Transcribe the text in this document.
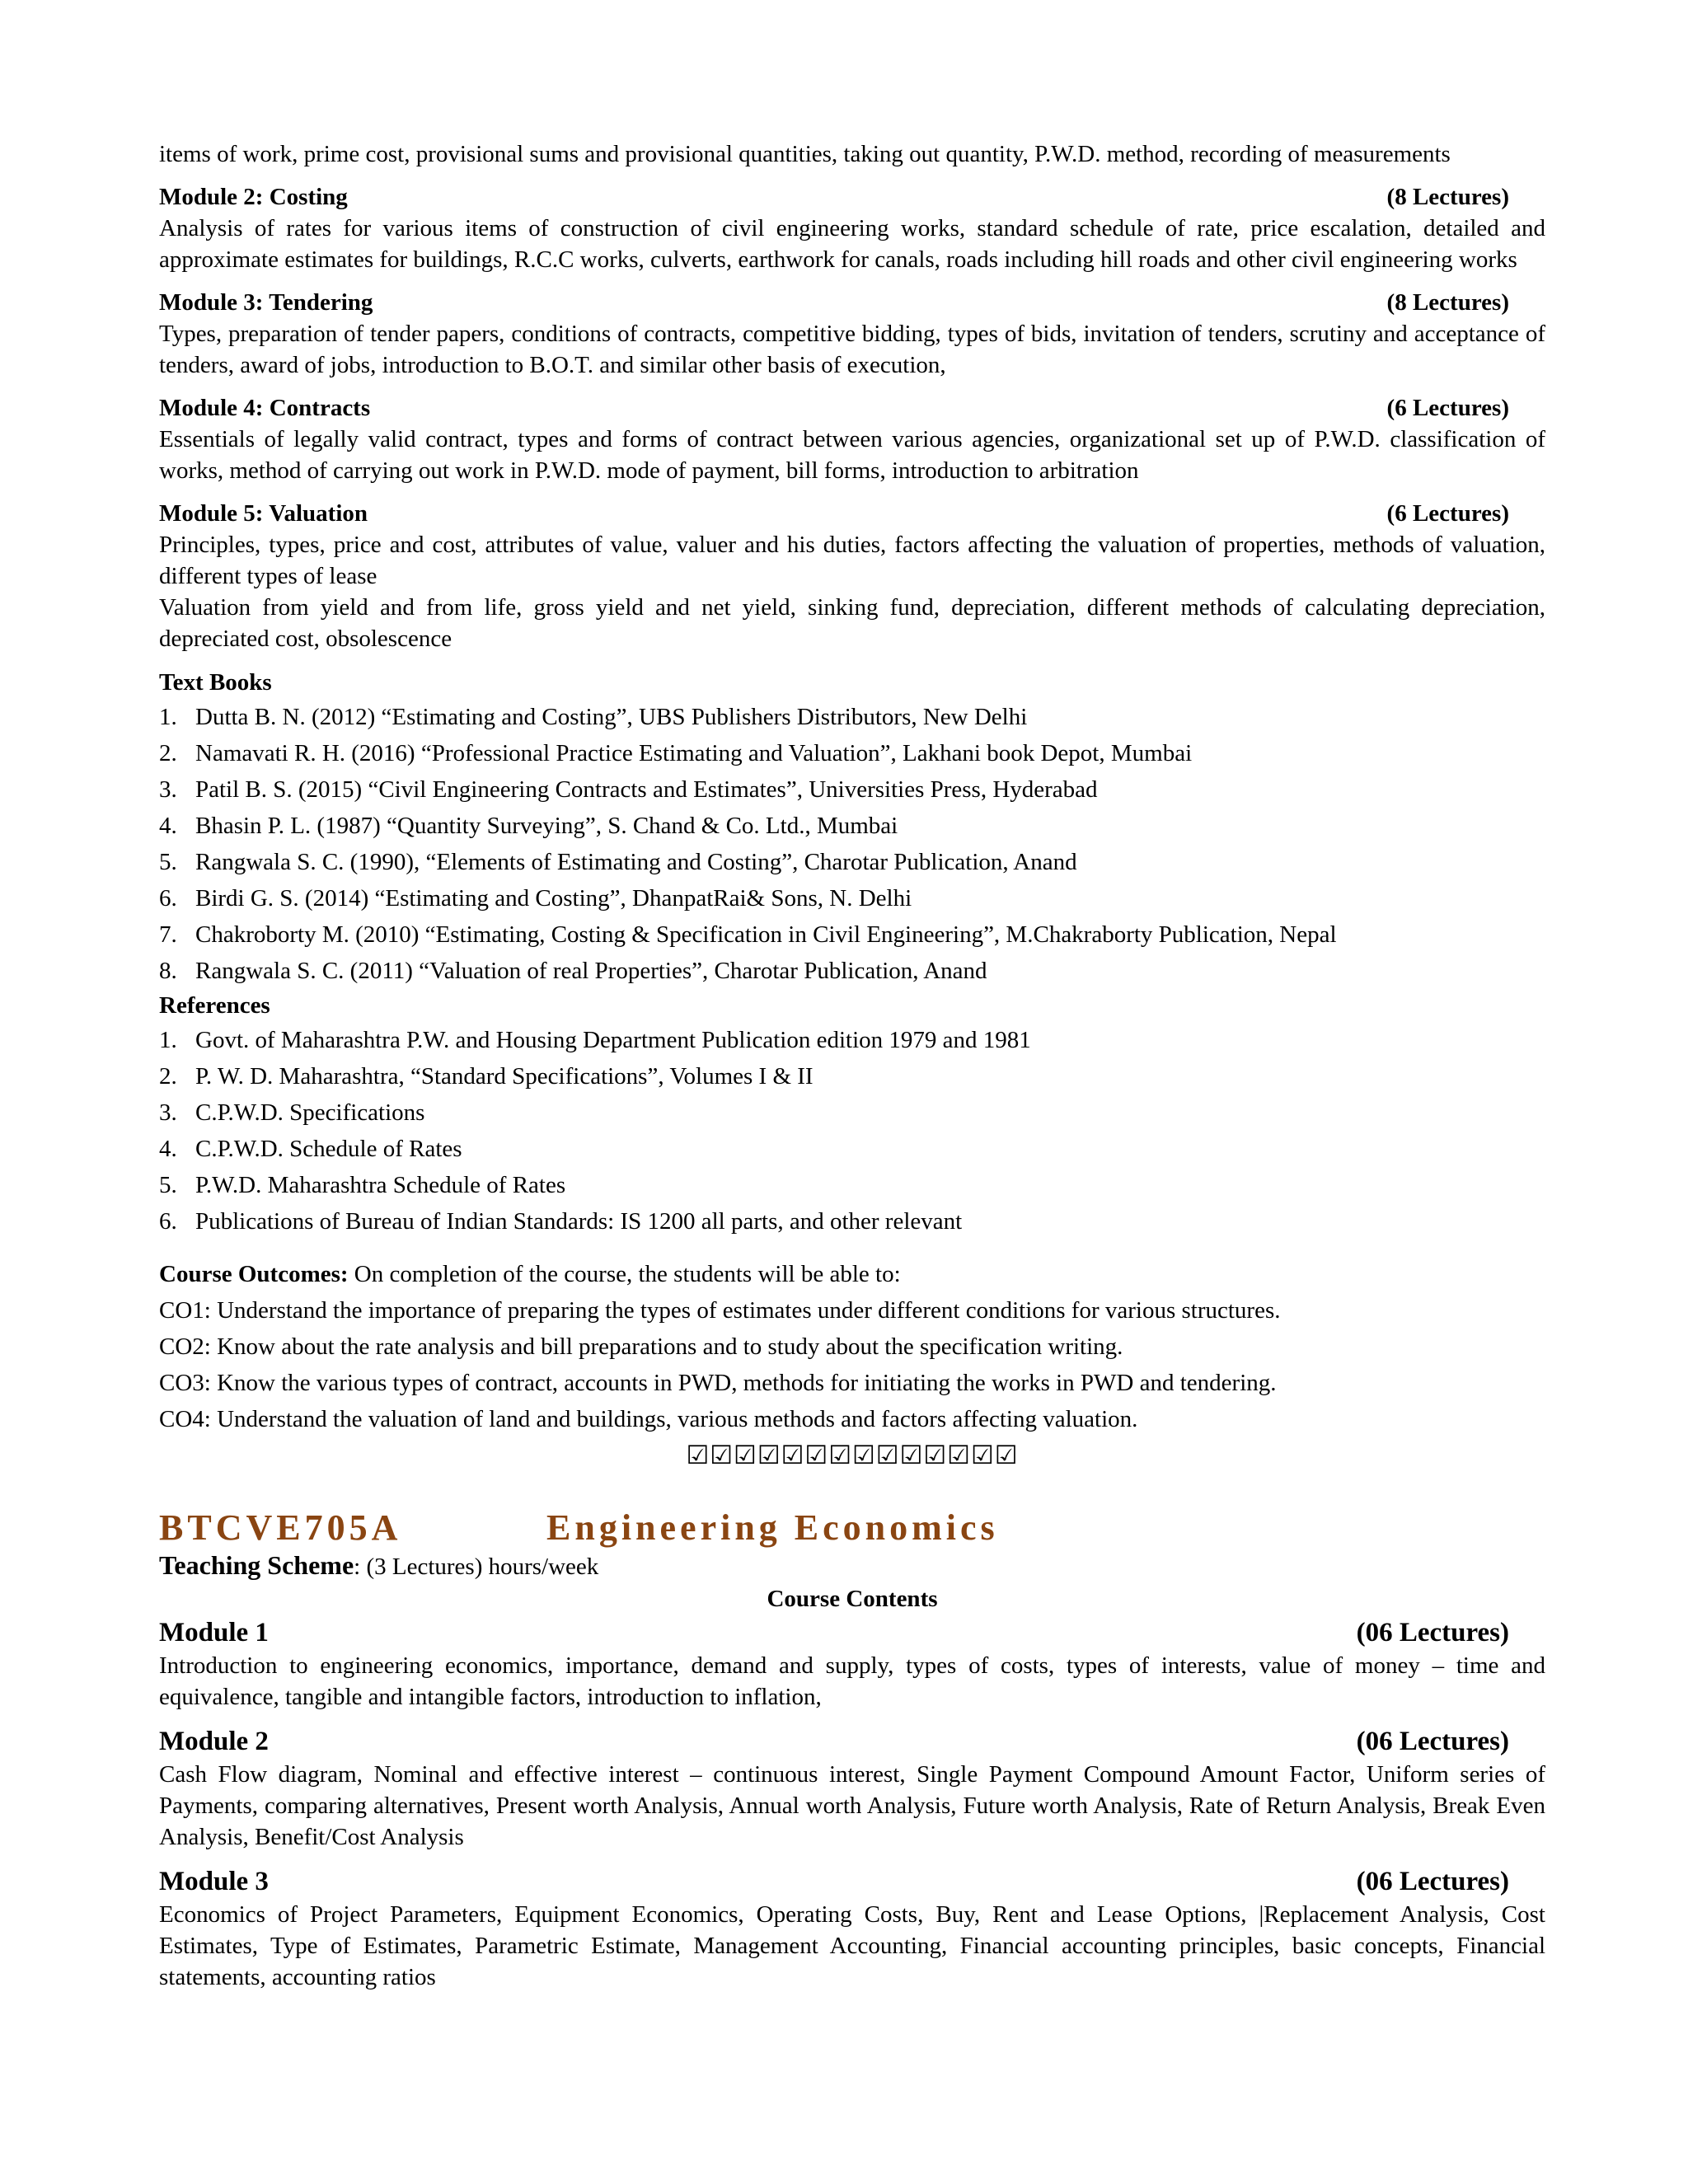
items of work, prime cost, provisional sums and provisional quantities, taking out quantity, P.W.D. method, recording of measurements

Module 2: Costing	(8 Lectures)

Analysis of rates for various items of construction of civil engineering works, standard schedule of rate, price escalation, detailed and approximate estimates for buildings, R.C.C works, culverts, earthwork for canals, roads including hill roads and other civil engineering works

Module 3: Tendering	(8 Lectures)

Types, preparation of tender papers, conditions of contracts, competitive bidding, types of bids, invitation of tenders, scrutiny and acceptance of tenders, award of jobs, introduction to B.O.T. and similar other basis of execution,

Module 4: Contracts	(6 Lectures)

Essentials of legally valid contract, types and forms of contract between various agencies, organizational set up of P.W.D. classification of works, method of carrying out work in P.W.D. mode of payment, bill forms, introduction to arbitration

Module 5: Valuation	(6 Lectures)

Principles, types, price and cost, attributes of value, valuer and his duties, factors affecting the valuation of properties, methods of valuation, different types of lease

Valuation from yield and from life, gross yield and net yield, sinking fund, depreciation, different methods of calculating depreciation, depreciated cost, obsolescence

Text Books
1. Dutta B. N. (2012) “Estimating and Costing”, UBS Publishers Distributors, New Delhi
2. Namavati R. H. (2016) “Professional Practice Estimating and Valuation”, Lakhani book Depot, Mumbai
3. Patil B. S. (2015) “Civil Engineering Contracts and Estimates”, Universities Press, Hyderabad
4. Bhasin P. L. (1987) “Quantity Surveying”, S. Chand & Co. Ltd., Mumbai
5. Rangwala S. C. (1990), “Elements of Estimating and Costing”, Charotar Publication, Anand
6. Birdi G. S. (2014) “Estimating and Costing”, DhanpatRai& Sons, N. Delhi
7. Chakroborty M. (2010) “Estimating, Costing & Specification in Civil Engineering”, M.Chakraborty Publication, Nepal
8. Rangwala S. C. (2011) “Valuation of real Properties”, Charotar Publication, Anand
References
1. Govt. of Maharashtra P.W. and Housing Department Publication edition 1979 and 1981
2. P. W. D. Maharashtra, “Standard Specifications”, Volumes I & II
3. C.P.W.D. Specifications
4. C.P.W.D. Schedule of Rates
5. P.W.D. Maharashtra Schedule of Rates
6. Publications of Bureau of Indian Standards: IS 1200 all parts, and other relevant
Course Outcomes: On completion of the course, the students will be able to:
CO1: Understand the importance of preparing the types of estimates under different conditions for various structures.
CO2: Know about the rate analysis and bill preparations and to study about the specification writing.
CO3: Know the various types of contract, accounts in PWD, methods for initiating the works in PWD and tendering.
CO4: Understand the valuation of land and buildings, various methods and factors affecting valuation.
☑☑☑☑☑☑☑☑☑☑☑☑☑☑
BTCVE705A	Engineering Economics
Teaching Scheme: (3 Lectures) hours/week
Course Contents
Module 1	(06 Lectures)

Introduction to engineering economics, importance, demand and supply, types of costs, types of interests, value of money – time and equivalence, tangible and intangible factors, introduction to inflation,

Module 2	(06 Lectures)

Cash Flow diagram, Nominal and effective interest – continuous interest, Single Payment Compound Amount Factor, Uniform series of Payments, comparing alternatives, Present worth Analysis, Annual worth Analysis, Future worth Analysis, Rate of Return Analysis, Break Even Analysis, Benefit/Cost Analysis

Module 3	(06 Lectures)

Economics of Project Parameters, Equipment Economics, Operating Costs, Buy, Rent and Lease Options, |Replacement Analysis, Cost Estimates, Type of Estimates, Parametric Estimate, Management Accounting, Financial accounting principles, basic concepts, Financial statements, accounting ratios
